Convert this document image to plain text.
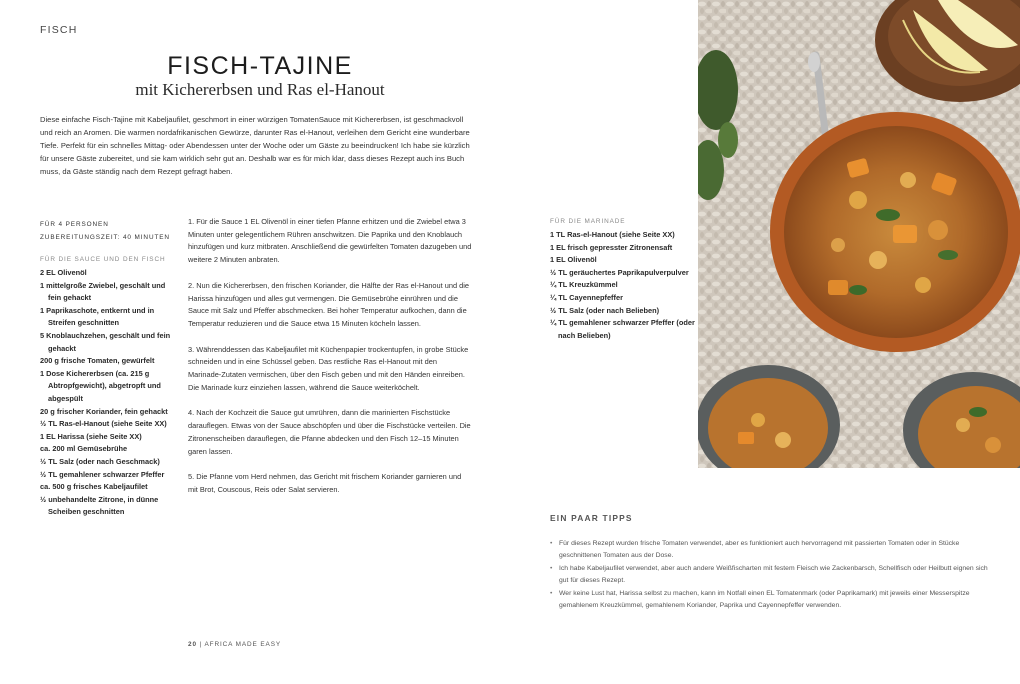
FISCH
FISCH-TAJINE
mit Kichererbsen und Ras el-Hanout
Diese einfache Fisch-Tajine mit Kabeljaufilet, geschmort in einer würzigen TomatenSauce mit Kichererbsen, ist geschmackvoll und reich an Aromen. Die warmen nordafrikanischen Gewürze, darunter Ras el-Hanout, verleihen dem Gericht eine wunderbare Tiefe. Perfekt für ein schnelles Mittag- oder Abendessen unter der Woche oder um Gäste zu beeindrucken! Ich habe sie kürzlich für unsere Gäste zubereitet, und sie kam wirklich sehr gut an. Deshalb war es für mich klar, dass dieses Rezept auch ins Buch muss, da Gäste ständig nach dem Rezept gefragt haben.
FÜR 4 PERSONEN
ZUBEREITUNGSZEIT: 40 MINUTEN
FÜR DIE SAUCE UND DEN FISCH
2 EL Olivenöl
1 mittelgroße Zwiebel, geschält und fein gehackt
1 Paprikaschote, entkernt und in Streifen geschnitten
5 Knoblauchzehen, geschält und fein gehackt
200 g frische Tomaten, gewürfelt
1 Dose Kichererbsen (ca. 215 g Abtropfgewicht), abgetropft und abgespült
20 g frischer Koriander, fein gehackt
½ TL Ras-el-Hanout (siehe Seite XX)
1 EL Harissa (siehe Seite XX)
ca. 200 ml Gemüsebrühe
½ TL Salz (oder nach Geschmack)
½ TL gemahlener schwarzer Pfeffer
ca. 500 g frisches Kabeljaufilet
½ unbehandelte Zitrone, in dünne Scheiben geschnitten

1. Für die Sauce 1 EL Olivenöl in einer tiefen Pfanne erhitzen und die Zwiebel etwa 3 Minuten unter gelegentlichem Rühren anschwitzen. Die Paprika und den Knoblauch hinzufügen und kurz mitbraten. Anschließend die gewürfelten Tomaten dazugeben und weitere 2 Minuten anbraten.

2. Nun die Kichererbsen, den frischen Koriander, die Hälfte der Ras el-Hanout und die Harissa hinzufügen und alles gut vermengen. Die Gemüsebrühe einrühren und die Sauce mit Salz und Pfeffer abschmecken. Bei hoher Temperatur aufkochen, dann die Temperatur reduzieren und die Sauce etwa 15 Minuten köcheln lassen.

3. Währenddessen das Kabeljaufilet mit Küchenpapier trockentupfen, in grobe Stücke schneiden und in eine Schüssel geben. Das restliche Ras el-Hanout mit den Marinade-Zutaten vermischen, über den Fisch geben und mit den Händen einreiben. Die Marinade kurz einziehen lassen, während die Sauce weiterköchelt.

4. Nach der Kochzeit die Sauce gut umrühren, dann die marinierten Fischstücke darauflegen. Etwas von der Sauce abschöpfen und über die Fischstücke verteilen. Die Zitronenscheiben darauflegen, die Pfanne abdecken und den Fisch 12–15 Minuten garen lassen.

5. Die Pfanne vom Herd nehmen, das Gericht mit frischem Koriander garnieren und mit Brot, Couscous, Reis oder Salat servieren.

20 | AFRICA MADE EASY
FÜR DIE MARINADE
1 TL Ras-el-Hanout (siehe Seite XX)
1 EL frisch gepresster Zitronensaft
1 EL Olivenöl
½ TL geräuchertes Paprikapulverpulver
¼ TL Kreuzkümmel
¼ TL Cayennepfeffer
½ TL Salz (oder nach Belieben)
¼ TL gemahlener schwarzer Pfeffer (oder nach Belieben)
EIN PAAR TIPPS
• Für dieses Rezept wurden frische Tomaten verwendet, aber es funktioniert auch hervorragend mit passierten Tomaten oder in Stücke geschnittenen Tomaten aus der Dose.
• Ich habe Kabeljaufilet verwendet, aber auch andere Weißfischarten mit festem Fleisch wie Zackenbarsch, Schellfisch oder Heilbutt eignen sich gut für dieses Rezept.
• Wer keine Lust hat, Harissa selbst zu machen, kann im Notfall einen EL Tomatenmark (oder Paprikamark) mit jeweils einer Messerspitze gemahlenem Kreuzkümmel, gemahlenem Koriander, Paprika und Cayennepfeffer verwenden.
